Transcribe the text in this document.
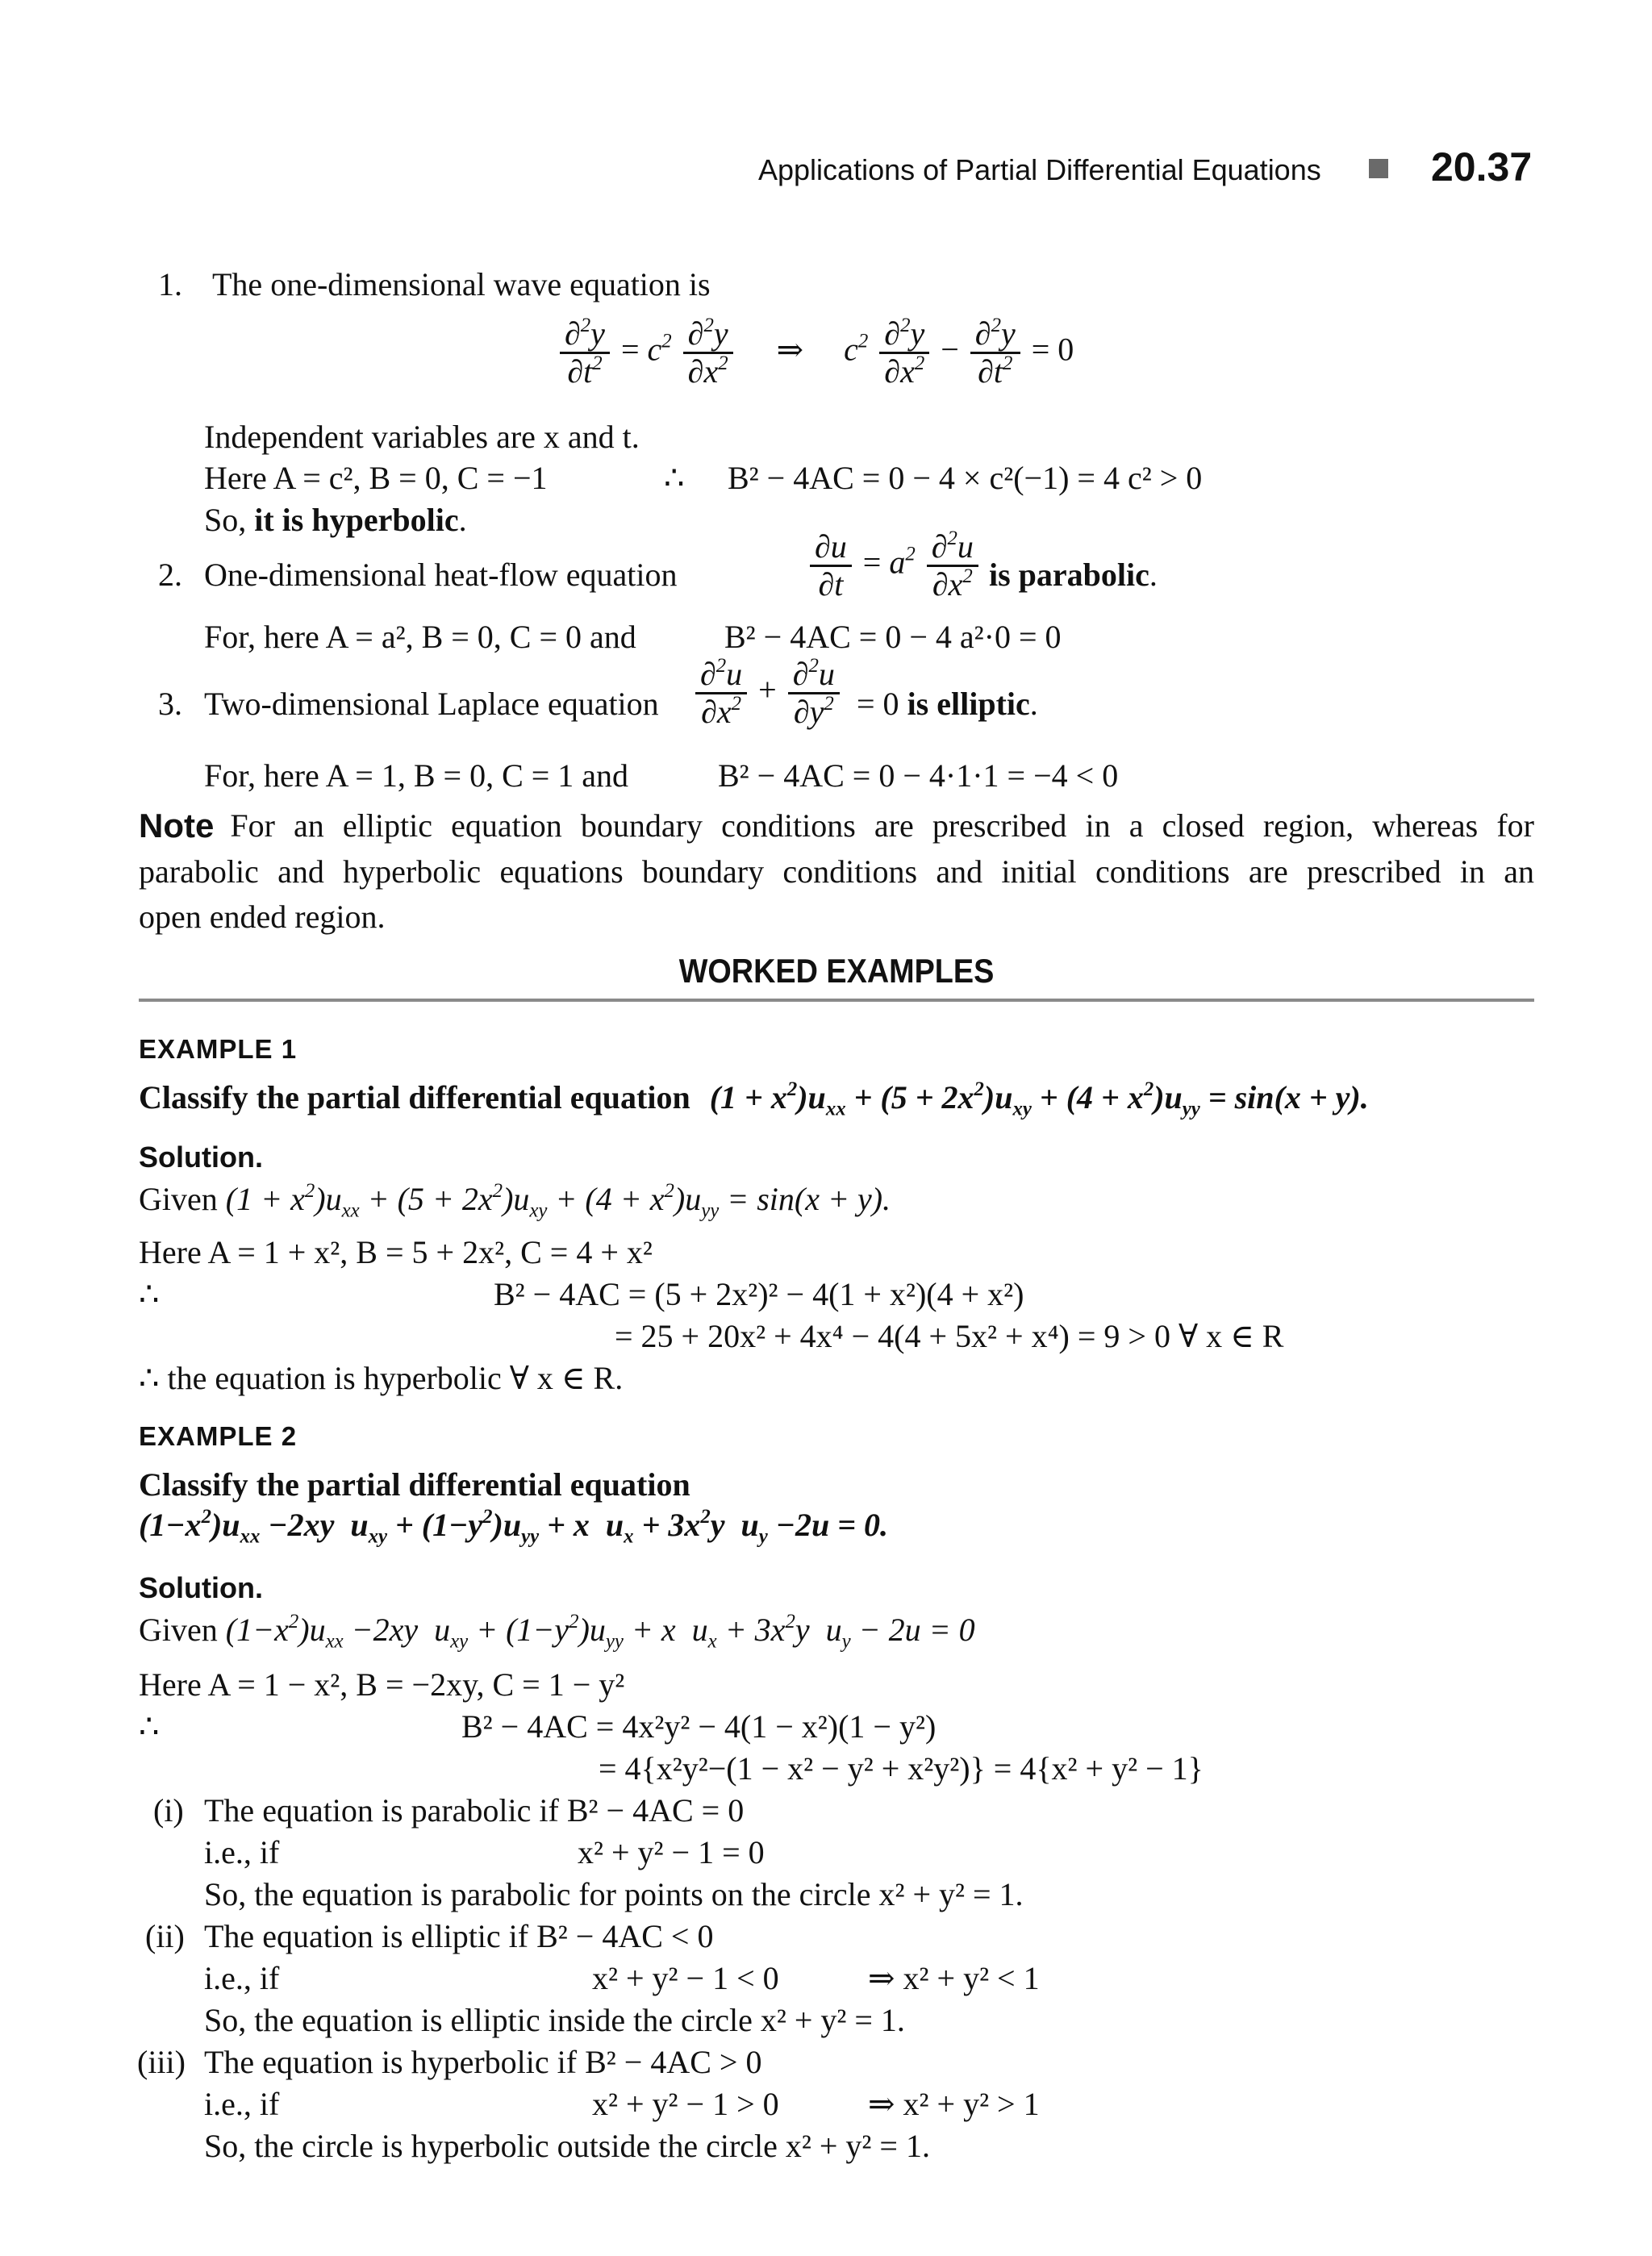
Applications of Partial Differential Equations	20.37
1. The one-dimensional wave equation is
$\frac{\partial^2y}{\partial t^2} = c^2 \frac{\partial^2y}{\partial x^2}$ ⇒ $c^2 \frac{\partial^2y}{\partial x^2} - \frac{\partial^2y}{\partial t^2} = 0$
Independent variables are x and t.
Here A = c², B = 0, C = −1	∴ B² − 4AC = 0 − 4 × c²(−1) = 4 c² > 0
So, it is hyperbolic.
2. One-dimensional heat-flow equation	$\frac{\partial u}{\partial t} = a^2 \frac{\partial^2u}{\partial x^2}$ is parabolic.
For, here A = a², B = 0, C = 0 and	B² − 4AC = 0 − 4 a²·0 = 0
3. Two-dimensional Laplace equation $\frac{\partial^2u}{\partial x^2} + \frac{\partial^2u}{\partial y^2} = 0$ is elliptic.
For, here A = 1, B = 0, C = 1 and	B² − 4AC = 0 − 4·1·1 = −4 < 0
Note For an elliptic equation boundary conditions are prescribed in a closed region, whereas for
parabolic and hyperbolic equations boundary conditions and initial conditions are prescribed in an
open ended region.
WORKED EXAMPLES
EXAMPLE 1
Classify the partial differential equation $(1 + x^2)u_{xx} + (5 + 2x^2)u_{xy} + (4 + x^2)u_{yy} = \sin(x + y)$.
Solution.
Given $(1 + x^2)u_{xx} + (5 + 2x^2)u_{xy} + (4 + x^2)u_{yy} = \sin(x + y)$.
Here A = 1 + x², B = 5 + 2x², C = 4 + x²
∴	B² − 4AC = (5 + 2x²)² − 4(1 + x²)(4 + x²)
= 25 + 20x² + 4x⁴ − 4(4 + 5x² + x⁴) = 9 > 0 ∀ x ∈ R
∴ the equation is hyperbolic ∀ x ∈ R.
EXAMPLE 2
Classify the partial differential equation
$(1-x^2)u_{xx} -2xy$  $u_{xy} + (1-y^2)u_{yy} + x$  $u_x + 3x^2y$  $u_y -2u = 0$.
Solution.
Given $(1-x^2)u_{xx} -2xy$  $u_{xy} + (1-y^2)u_{yy} + x$  $u_x + 3x^2y$  $u_y - 2u = 0$
Here A = 1 − x², B = −2xy, C = 1 − y²
∴	B² − 4AC = 4x²y² − 4(1 − x²)(1 − y²)
= 4{x²y²−(1 − x² − y² + x²y²)} = 4{x² + y² − 1}
(i) The equation is parabolic if B² − 4AC = 0
i.e., if	x² + y² − 1 = 0
So, the equation is parabolic for points on the circle x² + y² = 1.
(ii) The equation is elliptic if B² − 4AC < 0
i.e., if	x² + y² − 1 < 0	⇒ x² + y² < 1
So, the equation is elliptic inside the circle x² + y² = 1.
(iii) The equation is hyperbolic if B² − 4AC > 0
i.e., if	x² + y² − 1 > 0	⇒ x² + y² > 1
So, the circle is hyperbolic outside the circle x² + y² = 1.
